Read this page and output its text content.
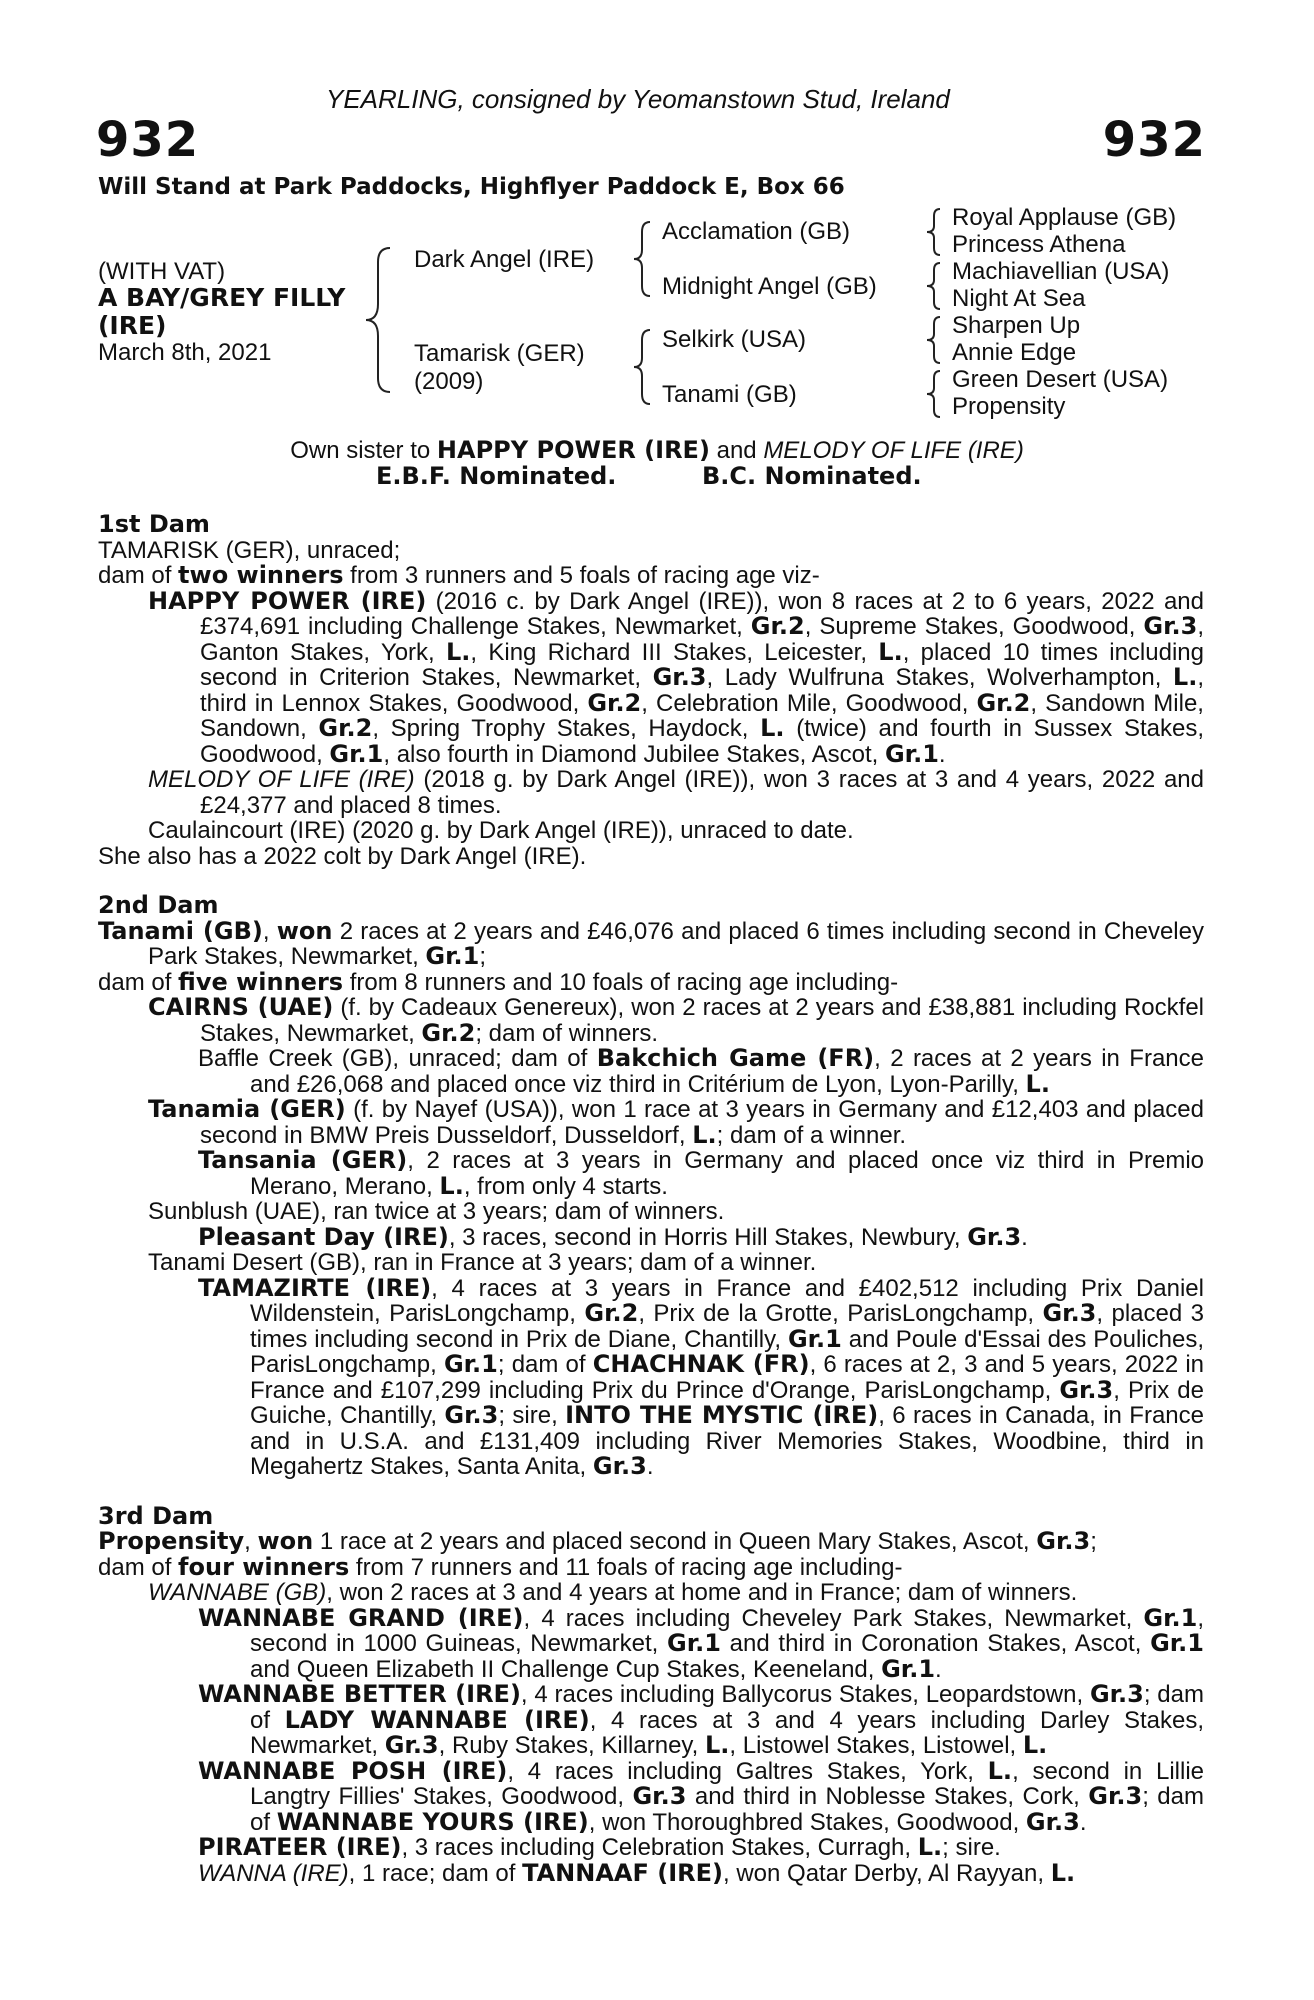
YEARLING, consigned by Yeomanstown Stud, Ireland
932	932
Will Stand at Park Paddocks, Highflyer Paddock E, Box 66
(WITH VAT)
A BAY/GREY FILLY
(IRE)
March 8th, 2021
Dark Angel (IRE)
Tamarisk (GER)
(2009)
Acclamation (GB)
Midnight Angel (GB)
Selkirk (USA)
Tanami (GB)
Royal Applause (GB)
Princess Athena
Machiavellian (USA)
Night At Sea
Sharpen Up
Annie Edge
Green Desert (USA)
Propensity
Own sister to HAPPY POWER (IRE) and MELODY OF LIFE (IRE)
E.B.F. Nominated.	B.C. Nominated.

1st Dam

TAMARISK (GER), unraced;

dam of two winners from 3 runners and 5 foals of racing age viz-

HAPPY POWER (IRE) (2016 c. by Dark Angel (IRE)), won 8 races at 2 to 6 years, 2022 and £374,691 including Challenge Stakes, Newmarket, Gr.2, Supreme Stakes, Goodwood, Gr.3, Ganton Stakes, York, L., King Richard III Stakes, Leicester, L., placed 10 times including second in Criterion Stakes, Newmarket, Gr.3, Lady Wulfruna Stakes, Wolverhampton, L., third in Lennox Stakes, Goodwood, Gr.2, Celebration Mile, Goodwood, Gr.2, Sandown Mile, Sandown, Gr.2, Spring Trophy Stakes, Haydock, L. (twice) and fourth in Sussex Stakes, Goodwood, Gr.1, also fourth in Diamond Jubilee Stakes, Ascot, Gr.1.

MELODY OF LIFE (IRE) (2018 g. by Dark Angel (IRE)), won 3 races at 3 and 4 years, 2022 and £24,377 and placed 8 times.

Caulaincourt (IRE) (2020 g. by Dark Angel (IRE)), unraced to date.

She also has a 2022 colt by Dark Angel (IRE).

2nd Dam

Tanami (GB), won 2 races at 2 years and £46,076 and placed 6 times including second in Cheveley Park Stakes, Newmarket, Gr.1;

dam of five winners from 8 runners and 10 foals of racing age including-

CAIRNS (UAE) (f. by Cadeaux Genereux), won 2 races at 2 years and £38,881 including Rockfel Stakes, Newmarket, Gr.2; dam of winners.

Baffle Creek (GB), unraced; dam of Bakchich Game (FR), 2 races at 2 years in France and £26,068 and placed once viz third in Critérium de Lyon, Lyon-Parilly, L.

Tanamia (GER) (f. by Nayef (USA)), won 1 race at 3 years in Germany and £12,403 and placed second in BMW Preis Dusseldorf, Dusseldorf, L.; dam of a winner.

Tansania (GER), 2 races at 3 years in Germany and placed once viz third in Premio Merano, Merano, L., from only 4 starts.

Sunblush (UAE), ran twice at 3 years; dam of winners.

Pleasant Day (IRE), 3 races, second in Horris Hill Stakes, Newbury, Gr.3.

Tanami Desert (GB), ran in France at 3 years; dam of a winner.

TAMAZIRTE (IRE), 4 races at 3 years in France and £402,512 including Prix Daniel Wildenstein, ParisLongchamp, Gr.2, Prix de la Grotte, ParisLongchamp, Gr.3, placed 3 times including second in Prix de Diane, Chantilly, Gr.1 and Poule d'Essai des Pouliches, ParisLongchamp, Gr.1; dam of CHACHNAK (FR), 6 races at 2, 3 and 5 years, 2022 in France and £107,299 including Prix du Prince d'Orange, ParisLongchamp, Gr.3, Prix de Guiche, Chantilly, Gr.3; sire, INTO THE MYSTIC (IRE), 6 races in Canada, in France and in U.S.A. and £131,409 including River Memories Stakes, Woodbine, third in Megahertz Stakes, Santa Anita, Gr.3.

3rd Dam

Propensity, won 1 race at 2 years and placed second in Queen Mary Stakes, Ascot, Gr.3;

dam of four winners from 7 runners and 11 foals of racing age including-

WANNABE (GB), won 2 races at 3 and 4 years at home and in France; dam of winners.

WANNABE GRAND (IRE), 4 races including Cheveley Park Stakes, Newmarket, Gr.1, second in 1000 Guineas, Newmarket, Gr.1 and third in Coronation Stakes, Ascot, Gr.1 and Queen Elizabeth II Challenge Cup Stakes, Keeneland, Gr.1.

WANNABE BETTER (IRE), 4 races including Ballycorus Stakes, Leopardstown, Gr.3; dam of LADY WANNABE (IRE), 4 races at 3 and 4 years including Darley Stakes, Newmarket, Gr.3, Ruby Stakes, Killarney, L., Listowel Stakes, Listowel, L.

WANNABE POSH (IRE), 4 races including Galtres Stakes, York, L., second in Lillie Langtry Fillies' Stakes, Goodwood, Gr.3 and third in Noblesse Stakes, Cork, Gr.3; dam of WANNABE YOURS (IRE), won Thoroughbred Stakes, Goodwood, Gr.3.

PIRATEER (IRE), 3 races including Celebration Stakes, Curragh, L.; sire.

WANNA (IRE), 1 race; dam of TANNAAF (IRE), won Qatar Derby, Al Rayyan, L.
